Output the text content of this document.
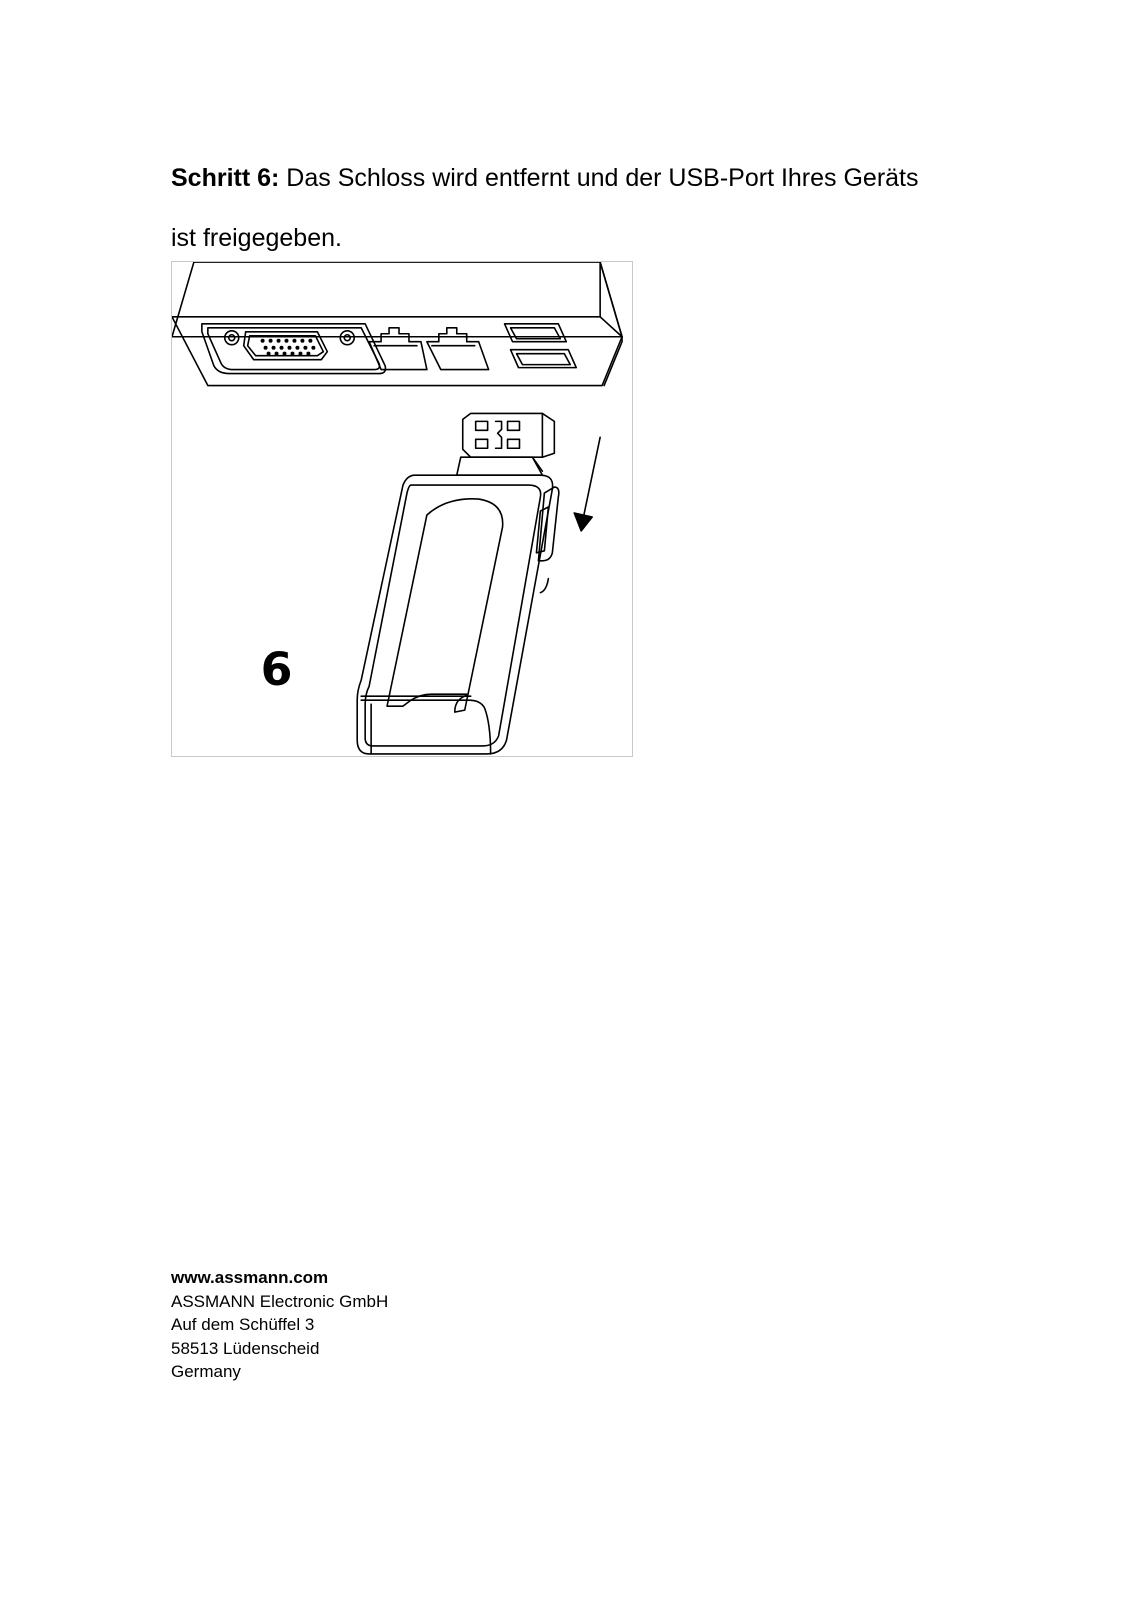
Schritt 6: Das Schloss wird entfernt und der USB-Port Ihres Geräts
ist freigegeben.

6
www.assmann.com
ASSMANN Electronic GmbH
Auf dem Schüffel 3
58513 Lüdenscheid
Germany
